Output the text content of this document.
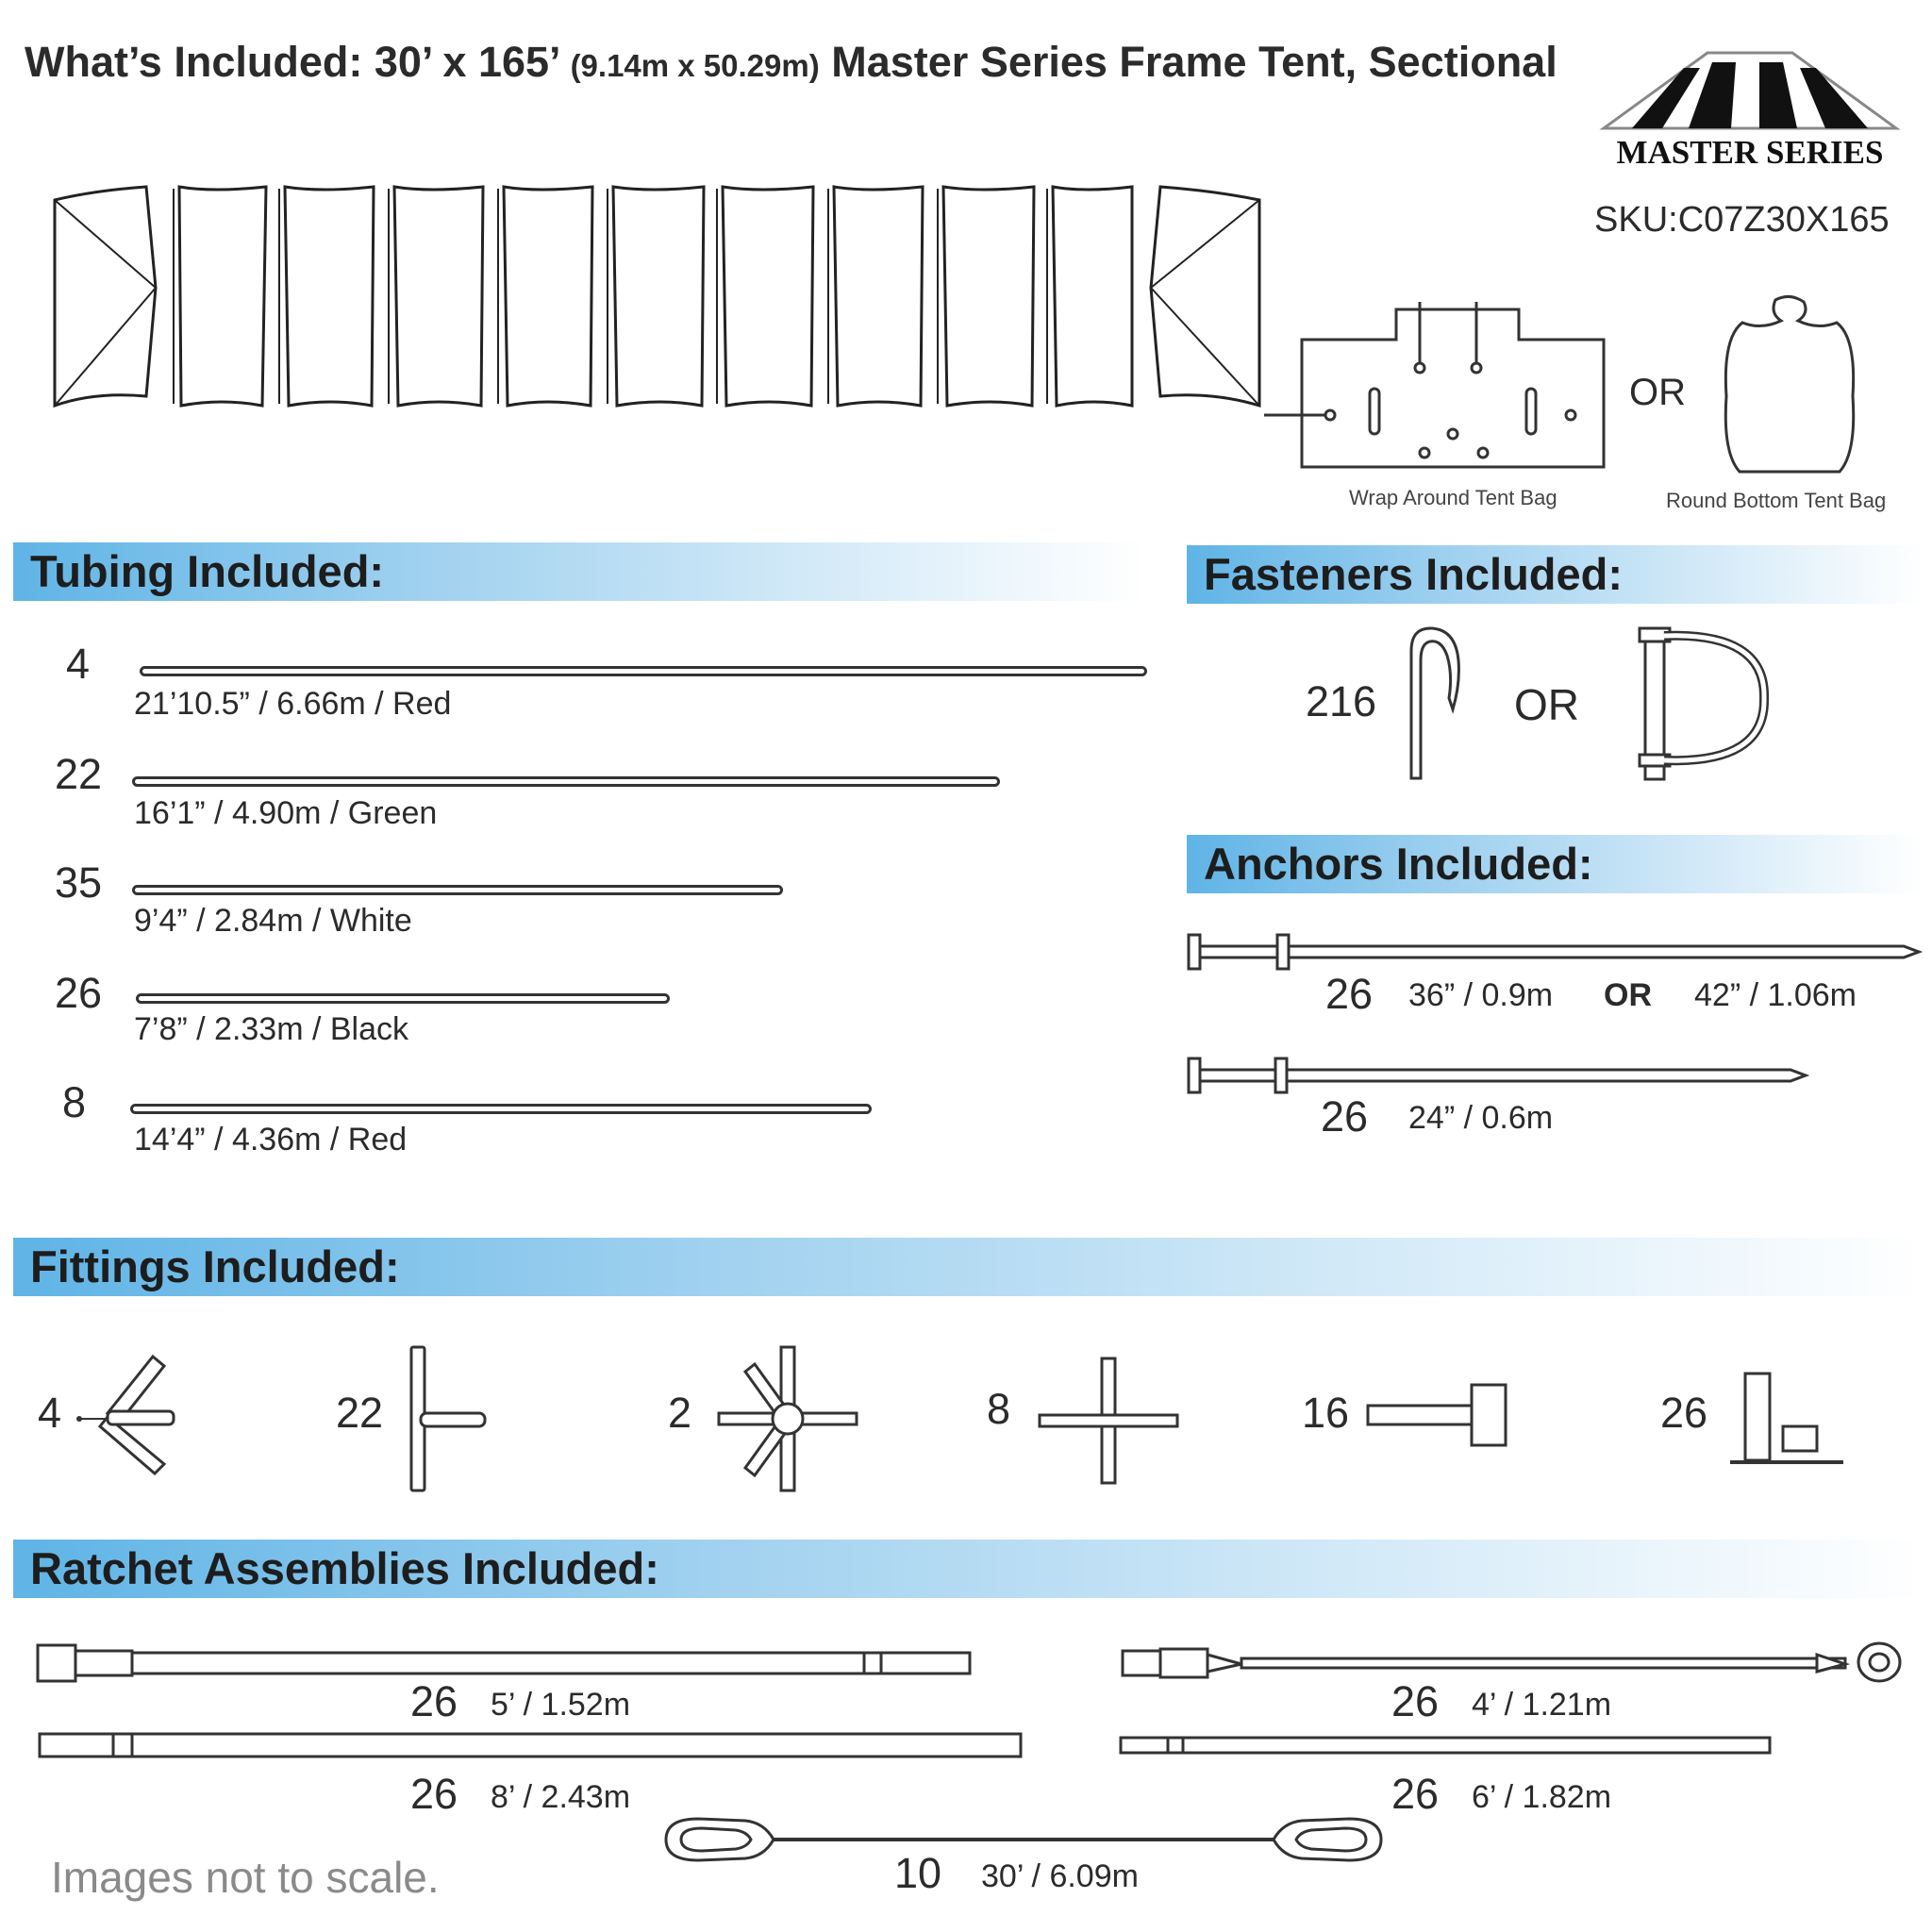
What’s Included: 30’ x 165’ (9.14m x 50.29m) Master Series Frame Tent, Sectional
MASTER SERIES
SKU:C07Z30X165
Wrap Around Tent Bag
OR
Round Bottom Tent Bag
Tubing Included:
4
21’10.5” / 6.66m / Red
22
16’1” / 4.90m / Green
35
9’4” / 2.84m / White
26
7’8” / 2.33m / Black
8
14’4” / 4.36m / Red
Fasteners Included:
216	OR
Anchors Included:
26 36” / 0.9m OR 42” / 1.06m
26 24” / 0.6m
Fittings Included:
4	22	2	8	16	26
Ratchet Assemblies Included:
26 5’ / 1.52m
26 8’ / 2.43m
26 4’ / 1.21m
26 6’ / 1.82m
10 30’ / 6.09m
Images not to scale.
